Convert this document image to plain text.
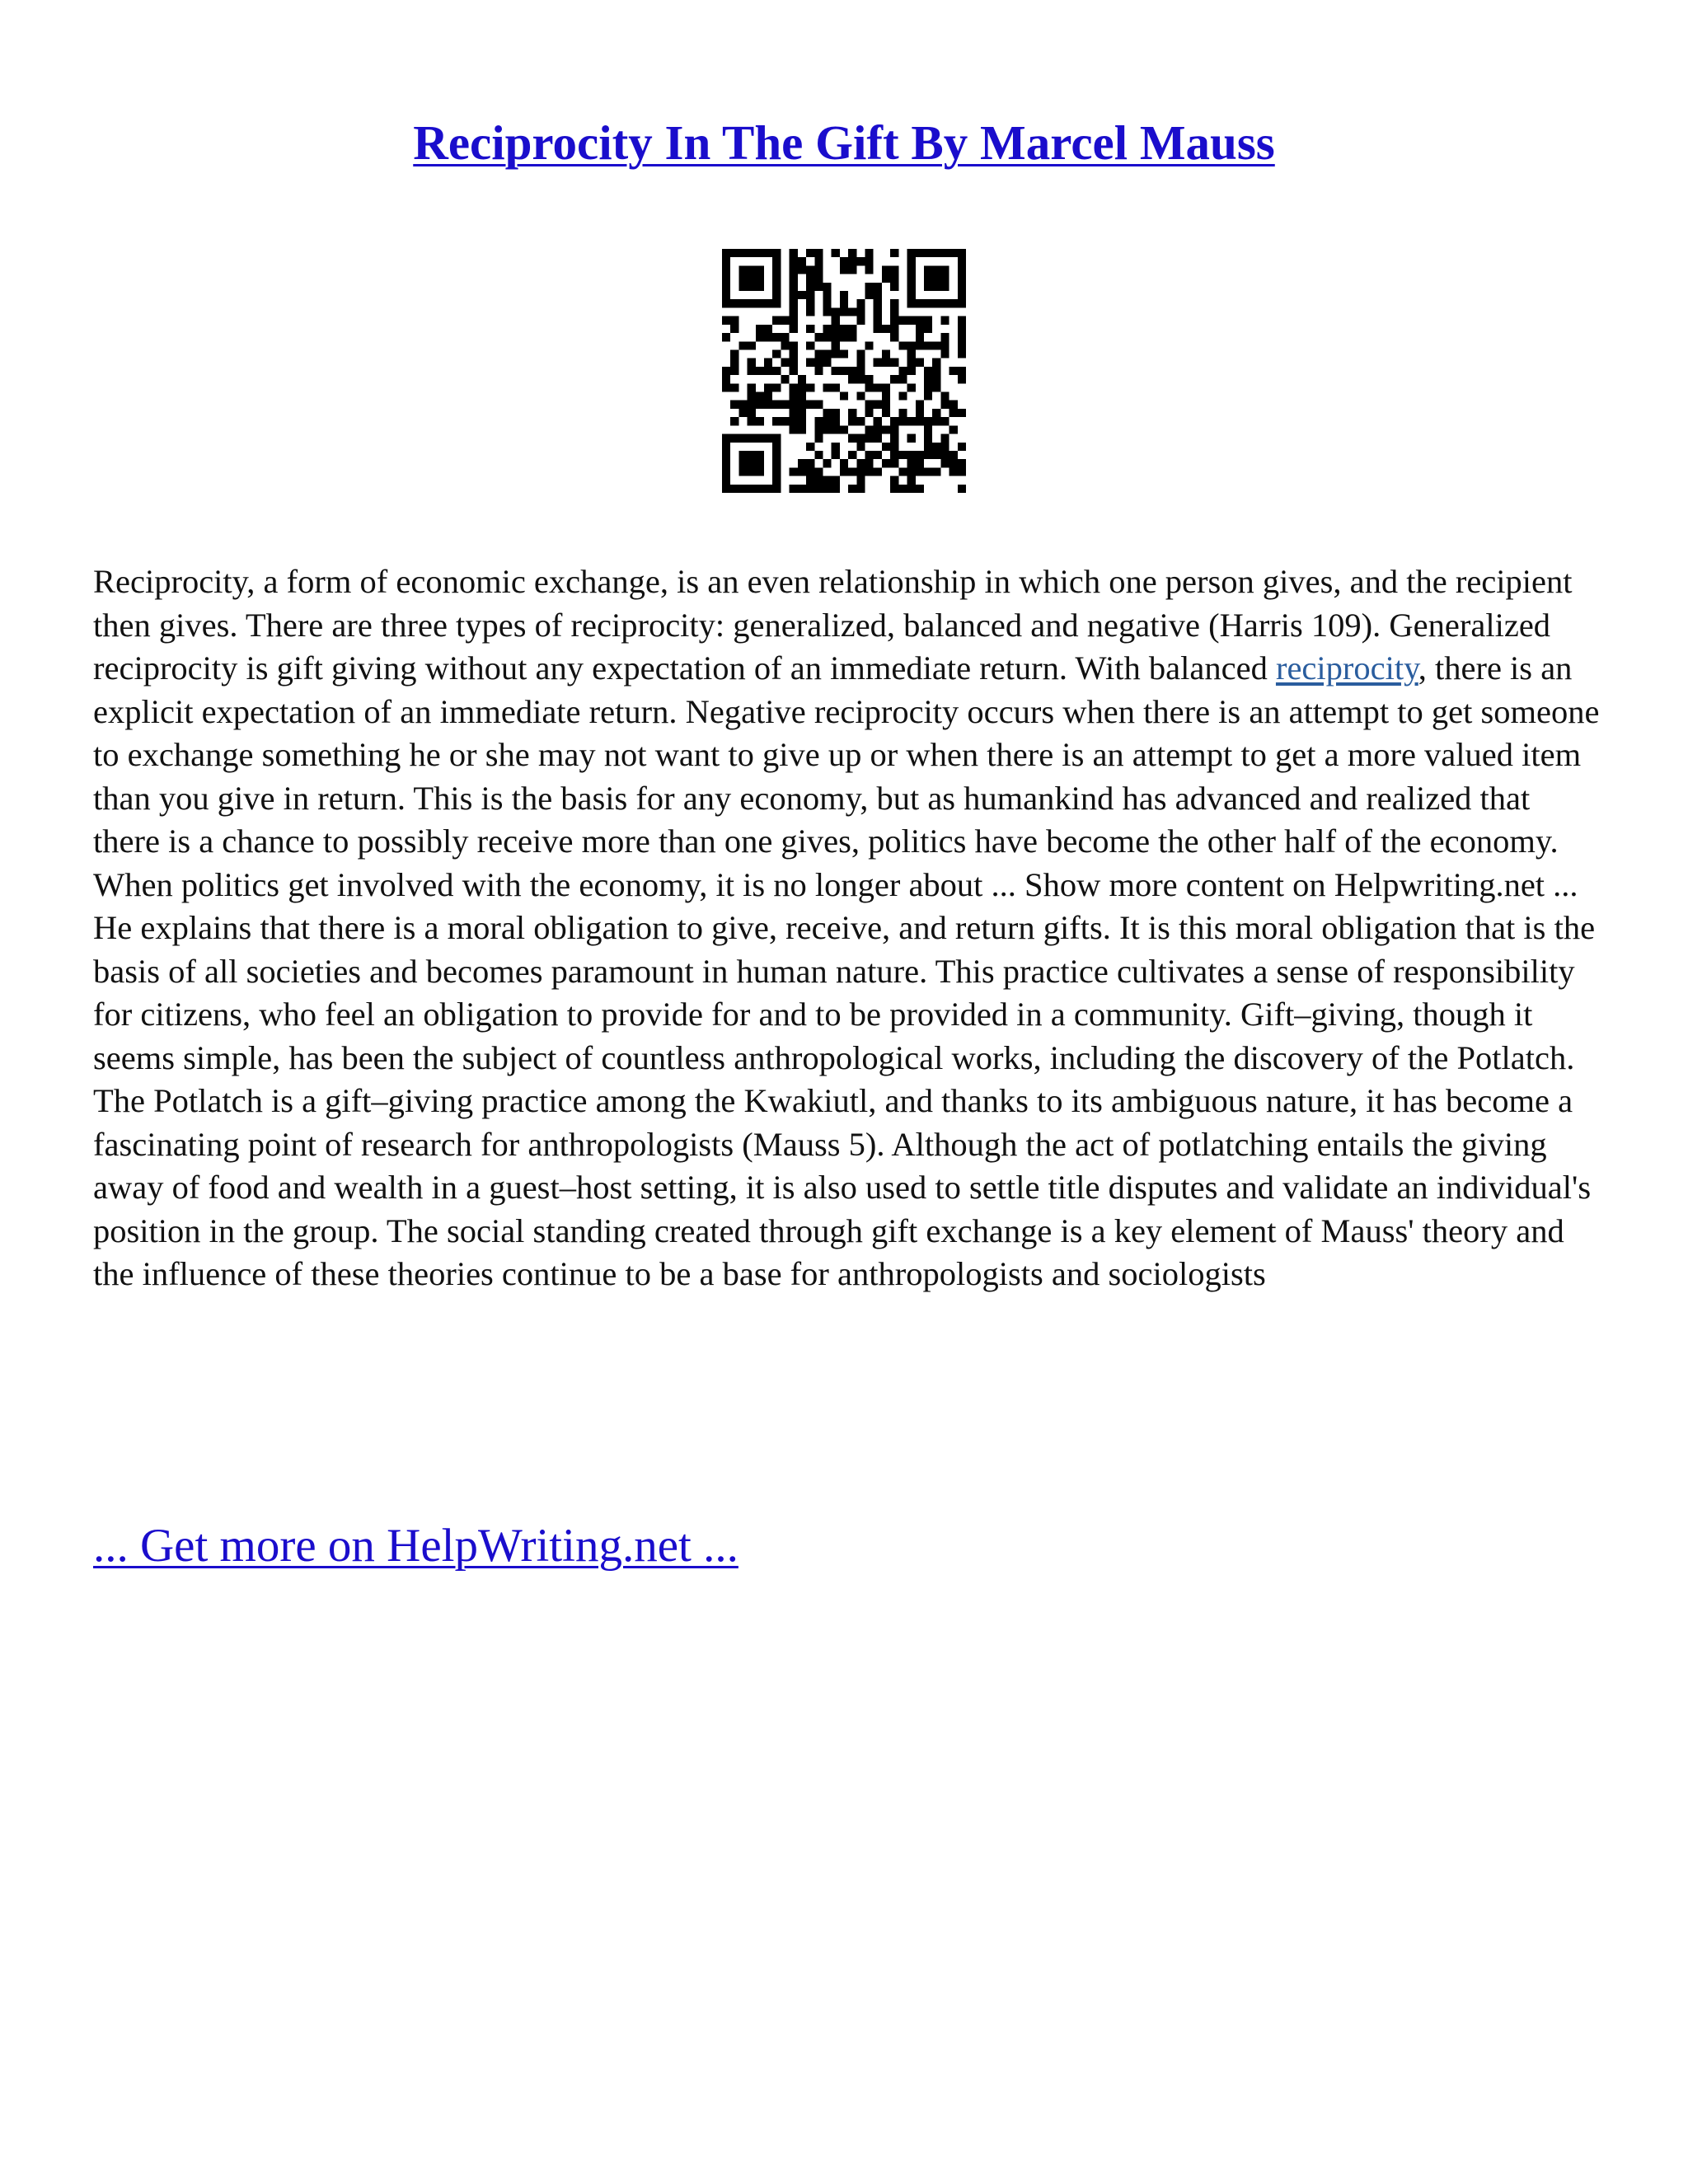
Reciprocity In The Gift By Marcel Mauss

Reciprocity, a form of economic exchange, is an even relationship in which one person gives, and the recipient then gives. There are three types of reciprocity: generalized, balanced and negative (Harris 109). Generalized reciprocity is gift giving without any expectation of an immediate return. With balanced reciprocity, there is an explicit expectation of an immediate return. Negative reciprocity occurs when there is an attempt to get someone to exchange something he or she may not want to give up or when there is an attempt to get a more valued item than you give in return. This is the basis for any economy, but as humankind has advanced and realized that there is a chance to possibly receive more than one gives, politics have become the other half of the economy. When politics get involved with the economy, it is no longer about ... Show more content on Helpwriting.net ...

He explains that there is a moral obligation to give, receive, and return gifts. It is this moral obligation that is the basis of all societies and becomes paramount in human nature. This practice cultivates a sense of responsibility for citizens, who feel an obligation to provide for and to be provided in a community. Gift–giving, though it seems simple, has been the subject of countless anthropological works, including the discovery of the Potlatch. The Potlatch is a gift–giving practice among the Kwakiutl, and thanks to its ambiguous nature, it has become a fascinating point of research for anthropologists (Mauss 5). Although the act of potlatching entails the giving away of food and wealth in a guest–host setting, it is also used to settle title disputes and validate an individual's position in the group. The social standing created through gift exchange is a key element of Mauss' theory and the influence of these theories continue to be a base for anthropologists and sociologists

... Get more on HelpWriting.net ...
